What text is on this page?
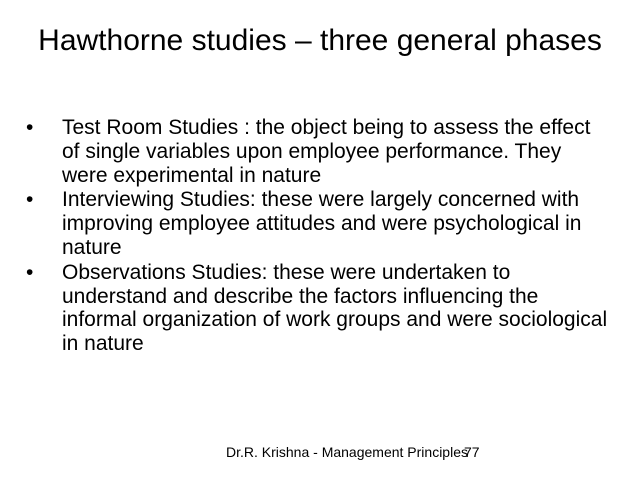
Hawthorne studies – three general phases
• Test Room Studies : the object being to assess the effect of single variables upon employee performance. They were experimental in nature
• Interviewing Studies: these were largely concerned with improving employee attitudes and were psychological in nature
• Observations Studies: these were undertaken to understand and describe the factors influencing the informal organization of work groups and were sociological in nature
Dr.R. Krishna - Management Principles
77
